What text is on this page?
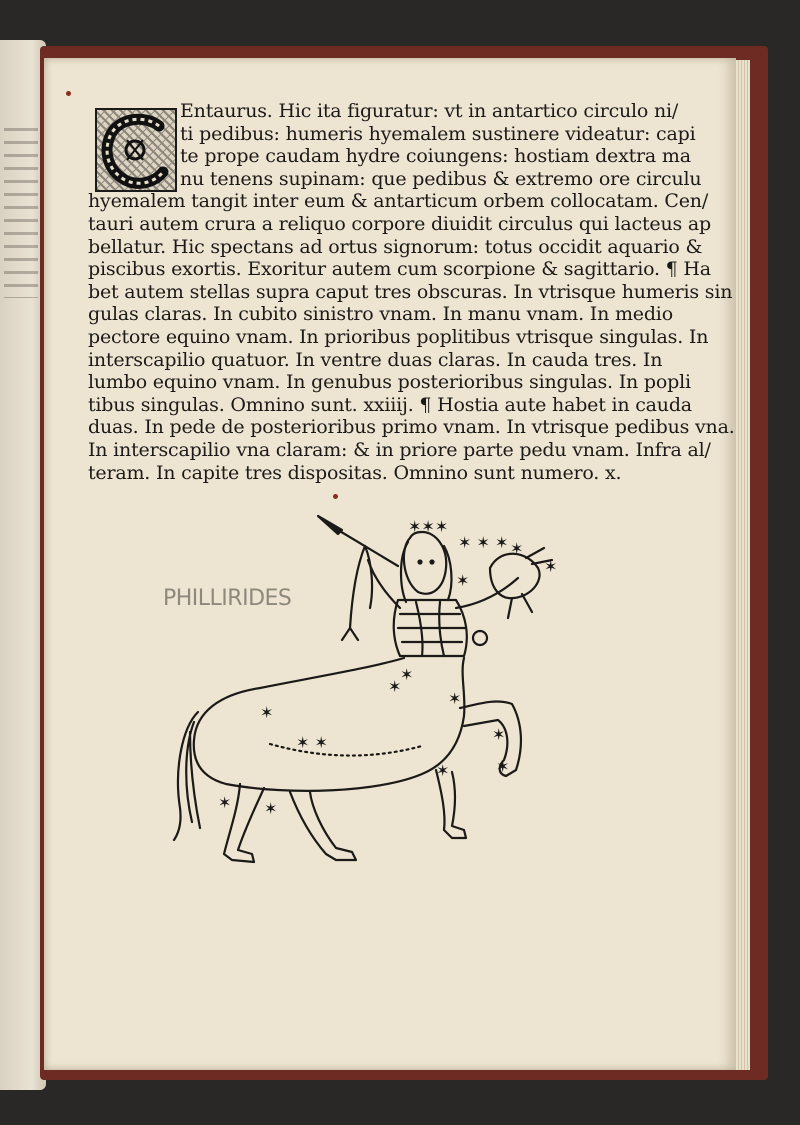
Entaurus. Hic ita figuratur: vt in antartico circulo ni/
ti pedibus: humeris hyemalem sustinere videatur: capi
te prope caudam hydre coiungens: hostiam dextra ma
nu tenens supinam: que pedibus & extremo ore circulu
hyemalem tangit inter eum & antarticum orbem collocatam. Cen/
tauri autem crura a reliquo corpore diuidit circulus qui lacteus ap
bellatur. Hic spectans ad ortus signorum: totus occidit aquario &
piscibus exortis. Exoritur autem cum scorpione & sagittario. ¶ Ha
bet autem stellas supra caput tres obscuras. In vtrisque humeris sin
gulas claras. In cubito sinistro vnam. In manu vnam. In medio
pectore equino vnam. In prioribus poplitibus vtrisque singulas. In
interscapilio quatuor. In ventre duas claras. In cauda tres. In
lumbo equino vnam. In genubus posterioribus singulas. In popli
tibus singulas. Omnino sunt. xxiiij. ¶ Hostia aute habet in cauda
duas. In pede de posterioribus primo vnam. In vtrisque pedibus vna.
In interscapilio vna claram: & in priore parte pedu vnam. Infra al/
teram. In capite tres dispositas. Omnino sunt numero. x.
PHILLIRIDES
✶✶✶
✶ ✶ ✶ ✶
✶
✶
✶
✶
✶
✶
✶ ✶
✶ ✶
✶
✶
✶
